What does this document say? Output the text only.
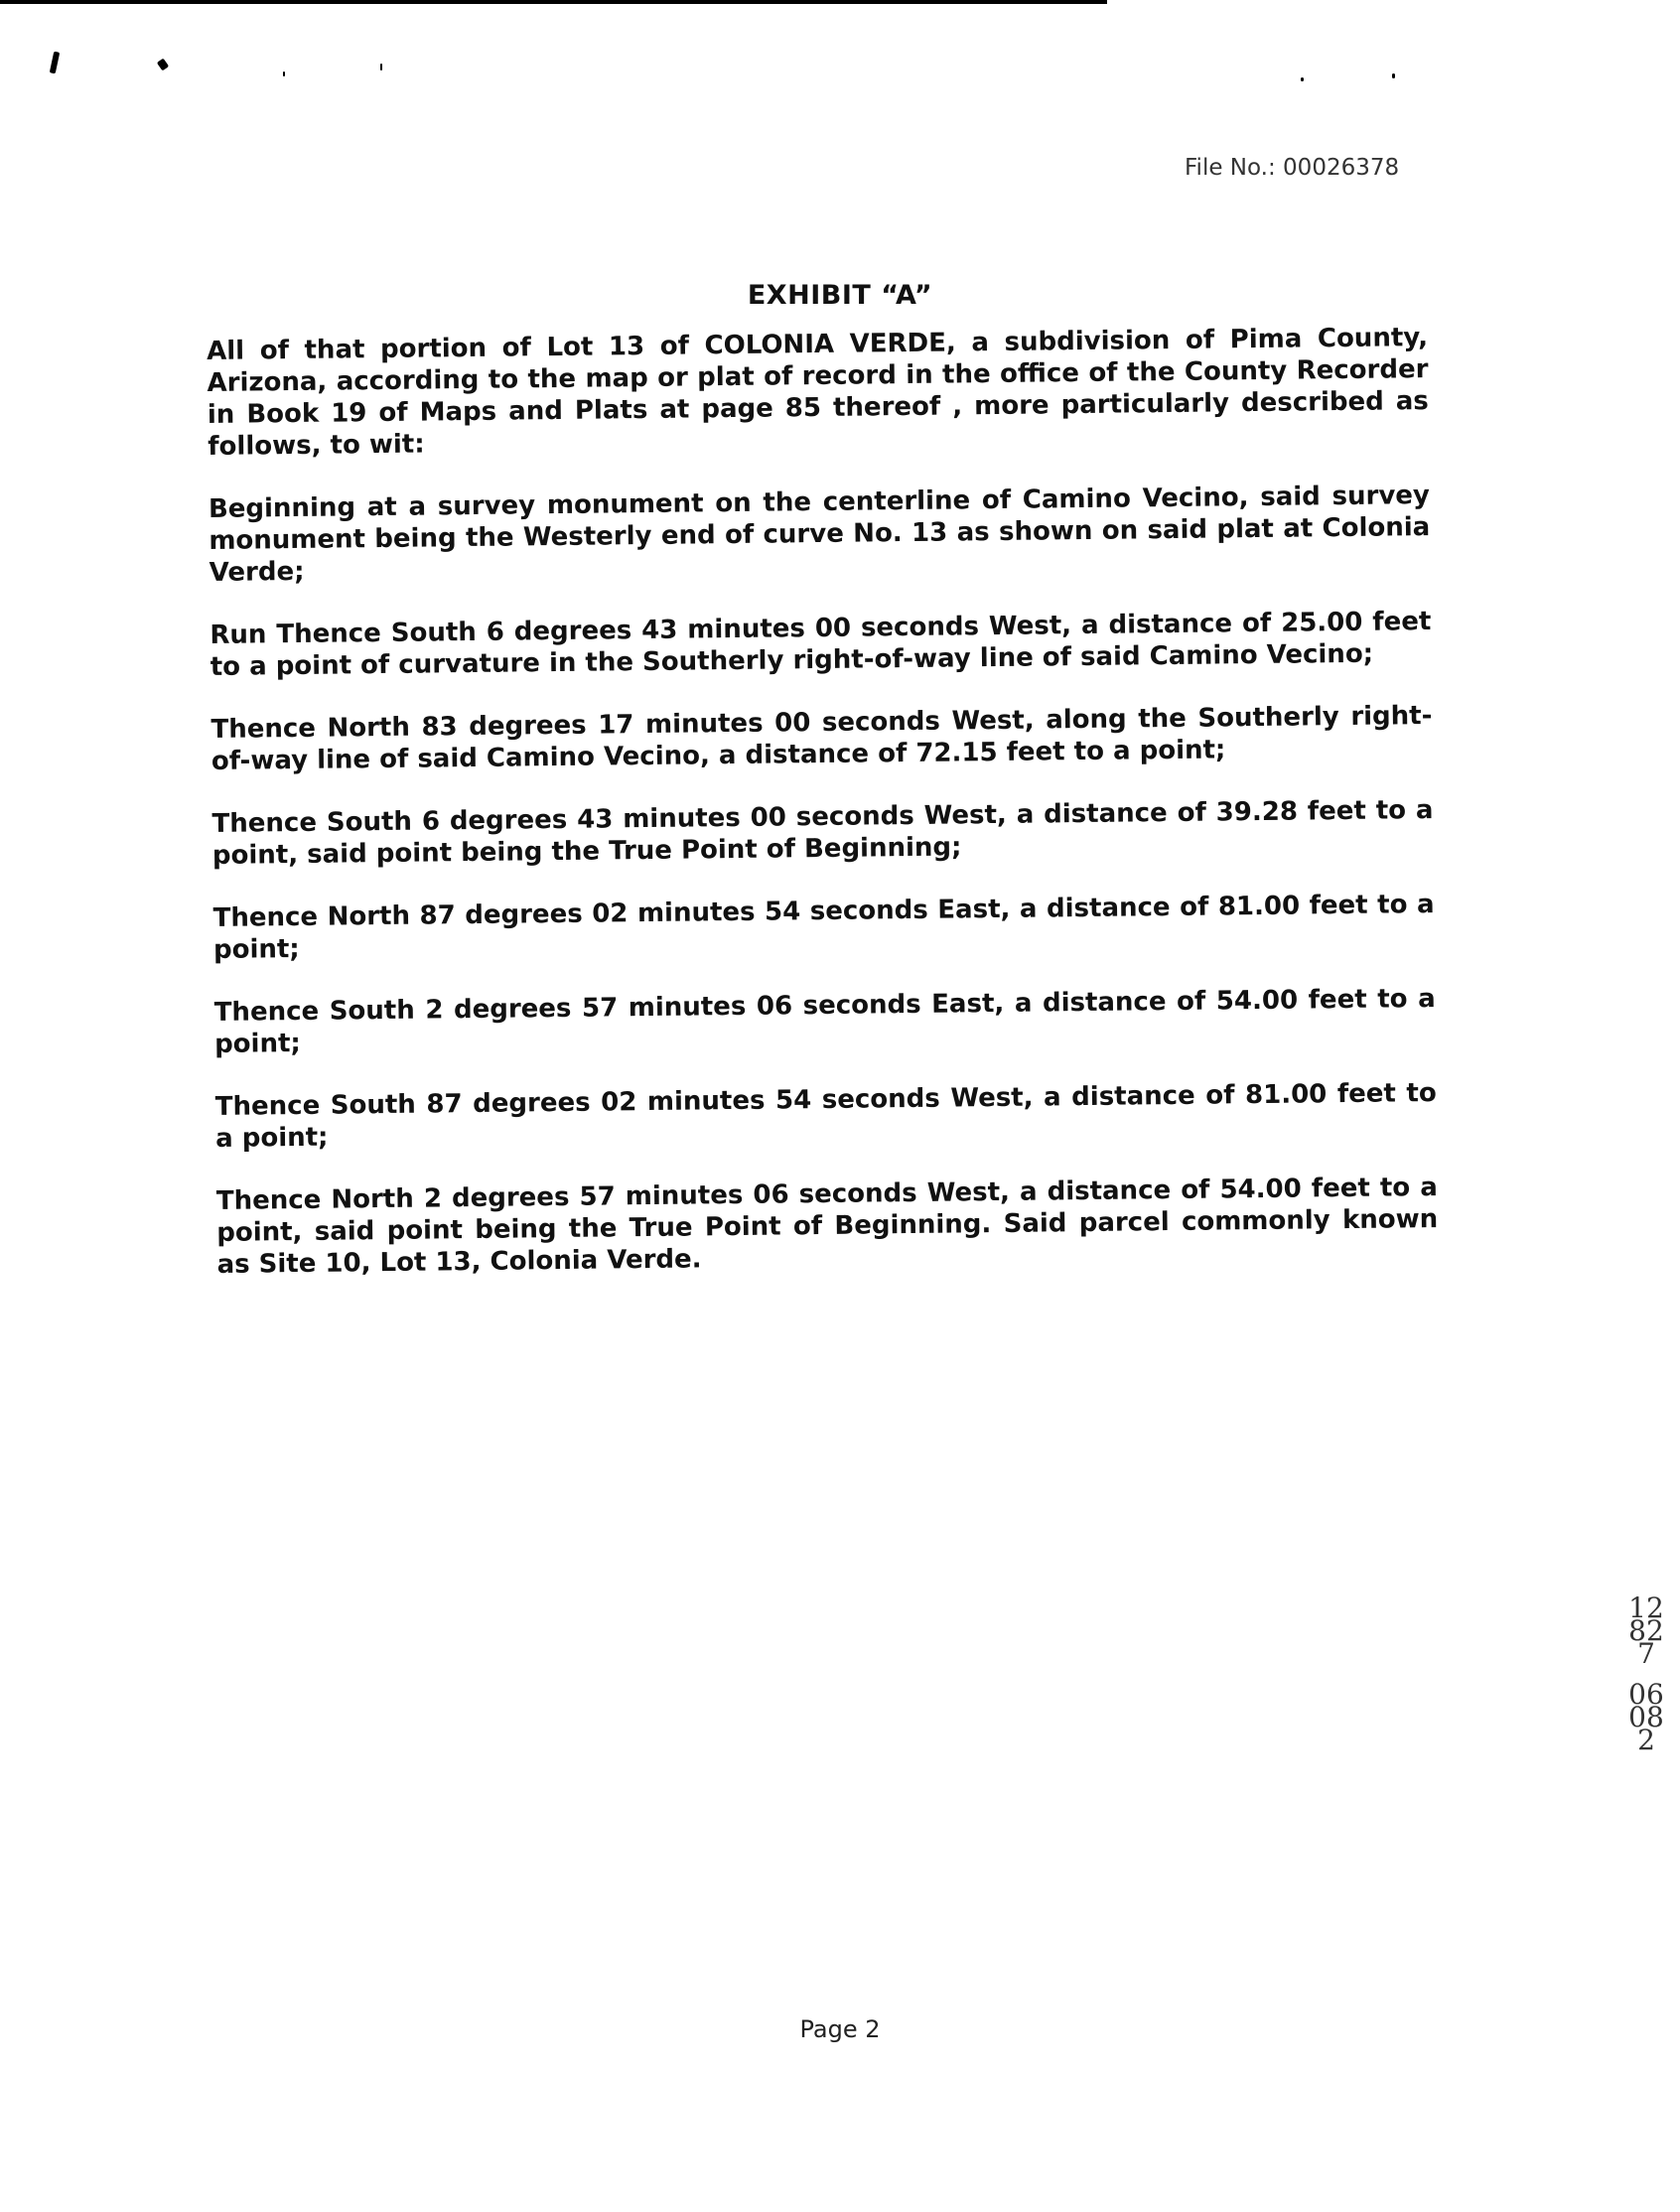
File No.: 00026378
EXHIBIT “A”

All of that portion of Lot 13 of COLONIA VERDE, a subdivision of Pima County, Arizona, according to the map or plat of record in the office of the County Recorder in Book 19 of Maps and Plats at page 85 thereof , more particularly described as follows, to wit:

Beginning at a survey monument on the centerline of Camino Vecino, said survey monument being the Westerly end of curve No. 13 as shown on said plat at Colonia Verde;

Run Thence South 6 degrees 43 minutes 00 seconds West, a distance of 25.00 feet to a point of curvature in the Southerly right-of-way line of said Camino Vecino;

Thence North 83 degrees 17 minutes 00 seconds West, along the Southerly right-of-way line of said Camino Vecino, a distance of 72.15 feet to a point;

Thence South 6 degrees 43 minutes 00 seconds West, a distance of 39.28 feet to a point, said point being the True Point of Beginning;

Thence North 87 degrees 02 minutes 54 seconds East, a distance of 81.00 feet to a point;

Thence South 2 degrees 57 minutes 06 seconds East, a distance of 54.00 feet to a point;

Thence South 87 degrees 02 minutes 54 seconds West, a distance of 81.00 feet to a point;

Thence North 2 degrees 57 minutes 06 seconds West, a distance of 54.00 feet to a point, said point being the True Point of Beginning. Said parcel commonly known as Site 10, Lot 13, Colonia Verde.

12827
06082
Page 2
